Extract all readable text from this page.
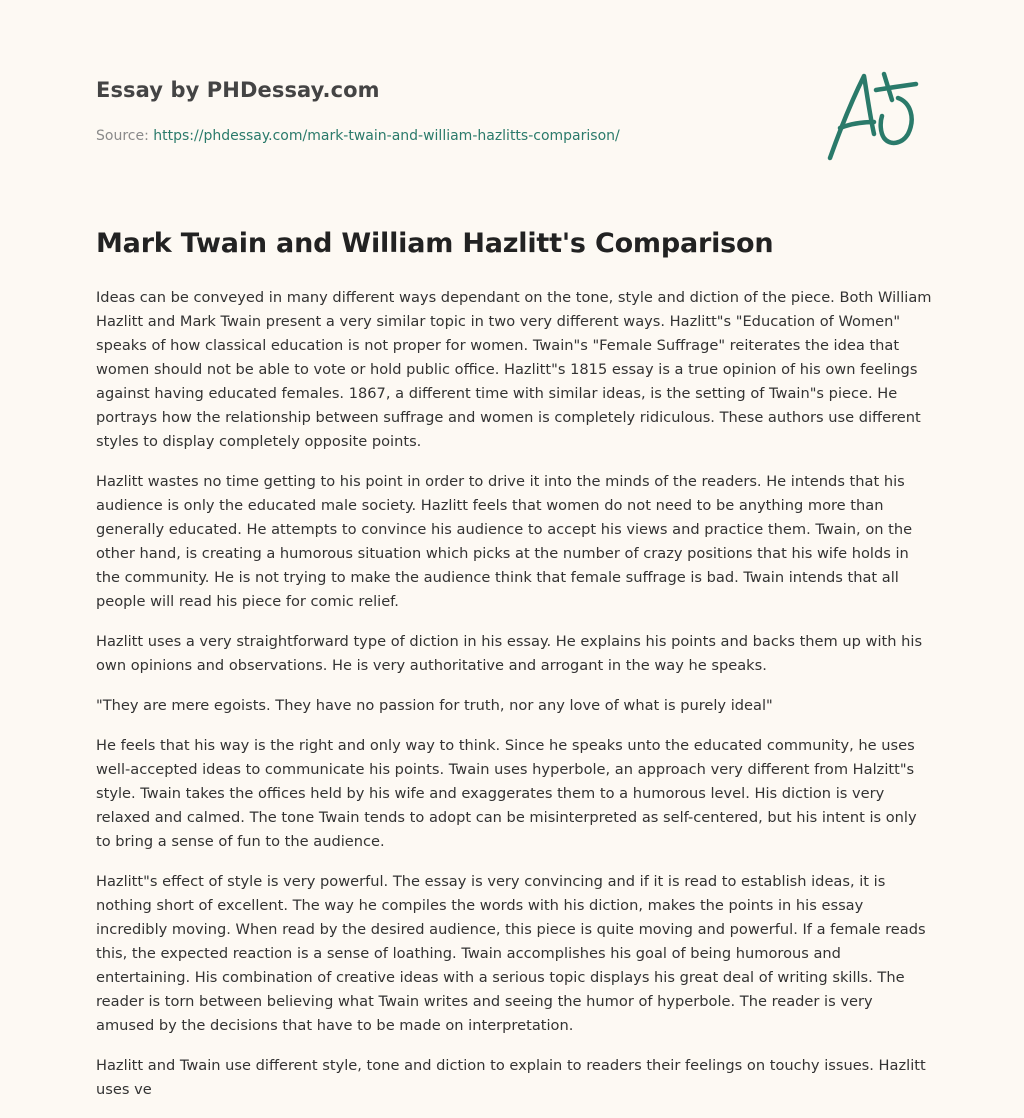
Essay by PHDessay.com
Source: https://phdessay.com/mark-twain-and-william-hazlitts-comparison/
Mark Twain and William Hazlitt's Comparison

Ideas can be conveyed in many different ways dependant on the tone, style and diction of the piece. Both William Hazlitt and Mark Twain present a very similar topic in two very different ways. Hazlitt"s "Education of Women" speaks of how classical education is not proper for women. Twain"s "Female Suffrage" reiterates the idea that women should not be able to vote or hold public office. Hazlitt"s 1815 essay is a true opinion of his own feelings against having educated females. 1867, a different time with similar ideas, is the setting of Twain"s piece. He portrays how the relationship between suffrage and women is completely ridiculous. These authors use different styles to display completely opposite points.

Hazlitt wastes no time getting to his point in order to drive it into the minds of the readers. He intends that his audience is only the educated male society. Hazlitt feels that women do not need to be anything more than generally educated. He attempts to convince his audience to accept his views and practice them. Twain, on the other hand, is creating a humorous situation which picks at the number of crazy positions that his wife holds in the community. He is not trying to make the audience think that female suffrage is bad. Twain intends that all people will read his piece for comic relief.

Hazlitt uses a very straightforward type of diction in his essay. He explains his points and backs them up with his own opinions and observations. He is very authoritative and arrogant in the way he speaks.

"They are mere egoists. They have no passion for truth, nor any love of what is purely ideal"

He feels that his way is the right and only way to think. Since he speaks unto the educated community, he uses well-accepted ideas to communicate his points. Twain uses hyperbole, an approach very different from Halzitt"s style. Twain takes the offices held by his wife and exaggerates them to a humorous level. His diction is very relaxed and calmed. The tone Twain tends to adopt can be misinterpreted as self-centered, but his intent is only to bring a sense of fun to the audience.

Hazlitt"s effect of style is very powerful. The essay is very convincing and if it is read to establish ideas, it is nothing short of excellent. The way he compiles the words with his diction, makes the points in his essay incredibly moving. When read by the desired audience, this piece is quite moving and powerful. If a female reads this, the expected reaction is a sense of loathing. Twain accomplishes his goal of being humorous and entertaining. His combination of creative ideas with a serious topic displays his great deal of writing skills. The reader is torn between believing what Twain writes and seeing the humor of hyperbole. The reader is very amused by the decisions that have to be made on interpretation.

Hazlitt and Twain use different style, tone and diction to explain to readers their feelings on touchy issues. Hazlitt uses ve
